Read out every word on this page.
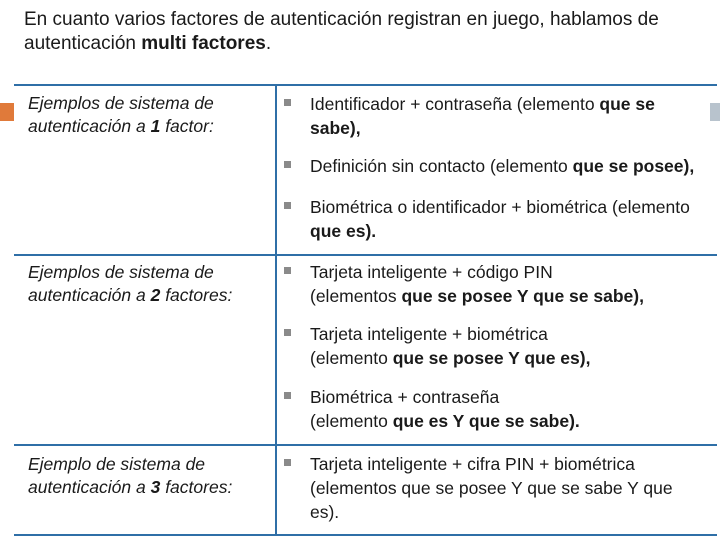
En cuanto varios factores de autenticación registran en juego, hablamos de autenticación multi factores.
Ejemplos de sistema de autenticación a 1 factor:
Identificador + contraseña (elemento que se sabe),
Definición sin contacto (elemento que se posee),
Biométrica o identificador + biométrica (elemento que es).
Ejemplos de sistema de autenticación a 2 factores:
Tarjeta inteligente + código PIN
(elementos que se posee Y que se sabe),
Tarjeta inteligente + biométrica
(elemento que se posee Y que es),
Biométrica + contraseña
(elemento que es Y que se sabe).
Ejemplo de sistema de autenticación a 3 factores:
Tarjeta inteligente + cifra PIN + biométrica
(elementos que se posee Y que se sabe Y que es).
